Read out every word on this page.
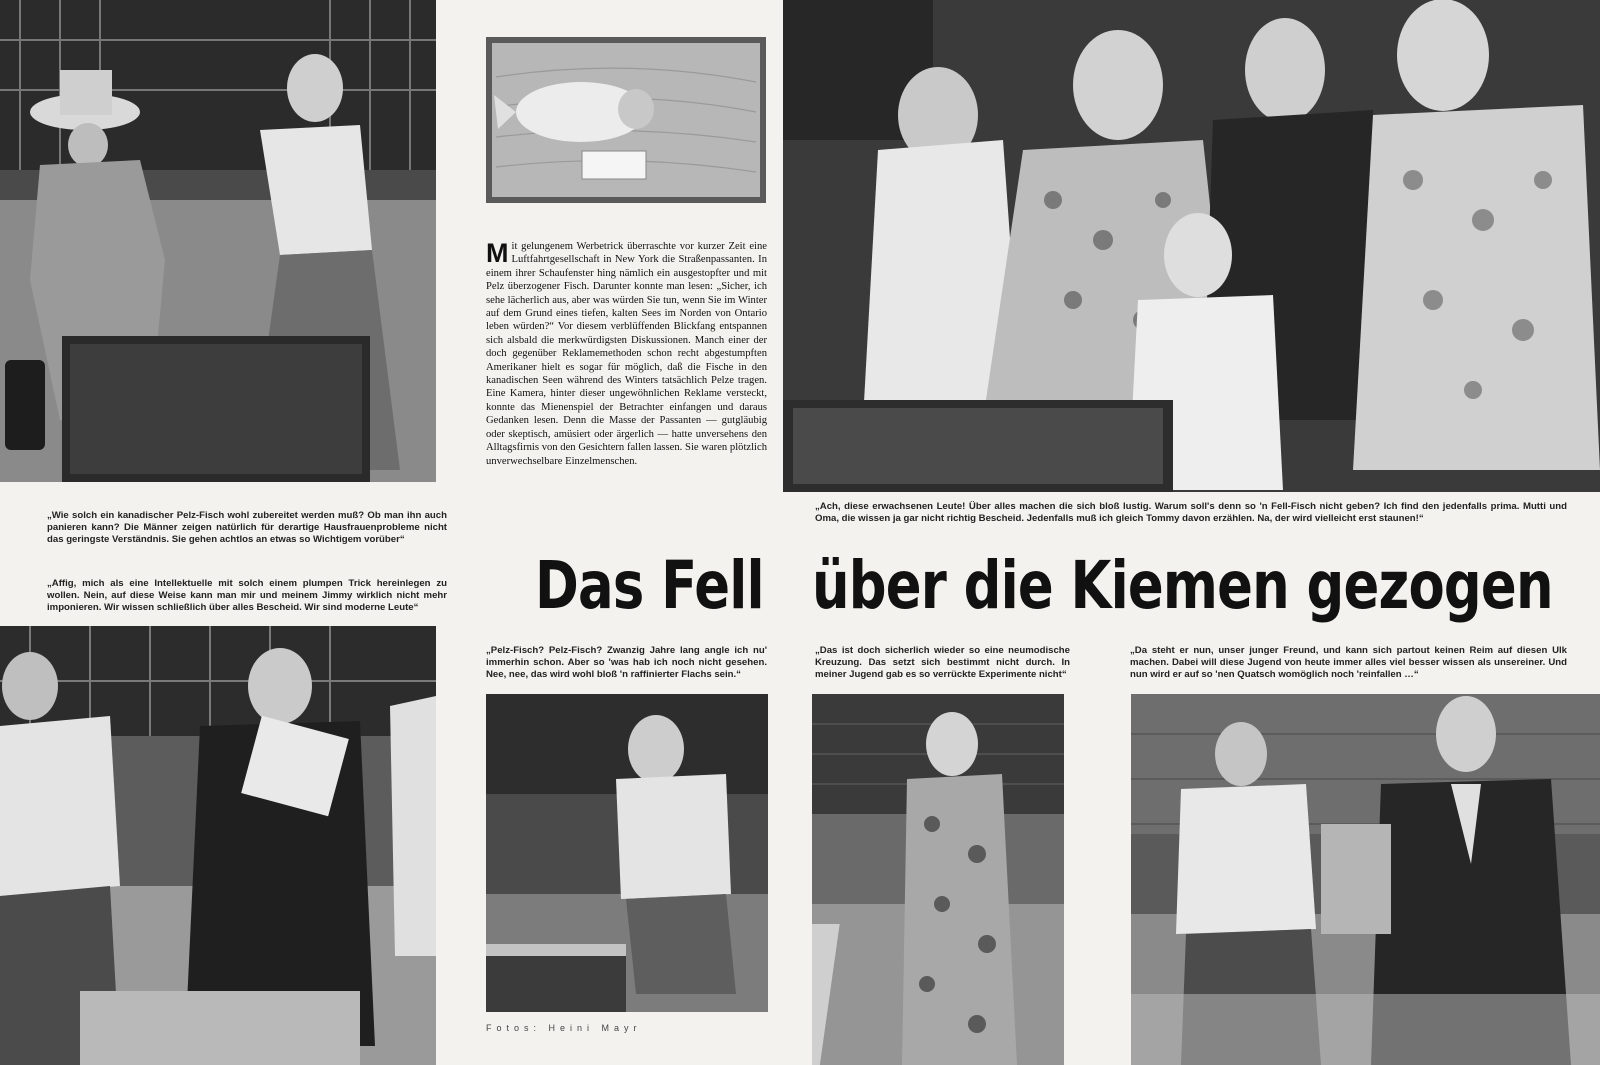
Mit gelungenem Werbetrick überraschte vor kurzer Zeit eine Luftfahrtgesellschaft in New York die Straßenpassanten. In einem ihrer Schaufenster hing nämlich ein ausgestopfter und mit Pelz überzogener Fisch. Darunter konnte man lesen: „Sicher, ich sehe lächerlich aus, aber was würden Sie tun, wenn Sie im Winter auf dem Grund eines tiefen, kalten Sees im Norden von Ontario leben würden?“ Vor diesem verblüffenden Blickfang entspannen sich alsbald die merkwürdigsten Diskussionen. Manch einer der doch gegenüber Reklamemethoden schon recht abgestumpften Amerikaner hielt es sogar für möglich, daß die Fische in den kanadischen Seen während des Winters tatsächlich Pelze tragen. Eine Kamera, hinter dieser ungewöhnlichen Reklame versteckt, konnte das Mienenspiel der Betrachter einfangen und daraus Gedanken lesen. Denn die Masse der Passanten — gutgläubig oder skeptisch, amüsiert oder ärgerlich — hatte unversehens den Alltagsfirnis von den Gesichtern fallen lassen. Sie waren plötzlich unverwechselbare Einzelmenschen.
„Wie solch ein kanadischer Pelz-Fisch wohl zubereitet werden muß? Ob man ihn auch panieren kann? Die Männer zeigen natürlich für derartige Hausfrauenprobleme nicht das geringste Verständnis. Sie gehen achtlos an etwas so Wichtigem vorüber“
„Affig, mich als eine Intellektuelle mit solch einem plumpen Trick hereinlegen zu wollen. Nein, auf diese Weise kann man mir und meinem Jimmy wirklich nicht mehr imponieren. Wir wissen schließlich über alles Bescheid. Wir sind moderne Leute“
„Ach, diese erwachsenen Leute! Über alles machen die sich bloß lustig. Warum soll's denn so 'n Fell-Fisch nicht geben? Ich find den jedenfalls prima. Mutti und Oma, die wissen ja gar nicht richtig Bescheid. Jedenfalls muß ich gleich Tommy davon erzählen. Na, der wird vielleicht erst staunen!“
Das Fell über die Kiemen gezogen
„Pelz-Fisch? Pelz-Fisch? Zwanzig Jahre lang angle ich nu' immerhin schon. Aber so 'was hab ich noch nicht gesehen. Nee, nee, das wird wohl bloß 'n raffinierter Flachs sein.“
„Das ist doch sicherlich wieder so eine neumodische Kreuzung. Das setzt sich bestimmt nicht durch. In meiner Jugend gab es so verrückte Experimente nicht“
„Da steht er nun, unser junger Freund, und kann sich partout keinen Reim auf diesen Ulk machen. Dabei will diese Jugend von heute immer alles viel besser wissen als unsereiner. Und nun wird er auf so 'nen Quatsch womöglich noch 'reinfallen …“
Fotos: Heini Mayr
